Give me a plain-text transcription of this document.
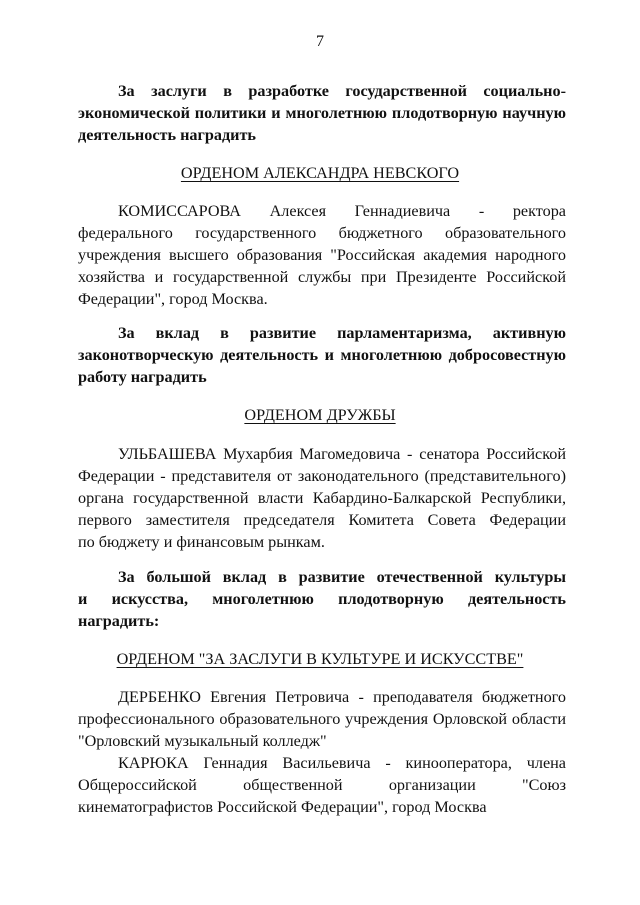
7
За заслуги в разработке государственной социально-
экономической политики и многолетнюю плодотворную научную
деятельность наградить
ОРДЕНОМ АЛЕКСАНДРА НЕВСКОГО
КОМИССАРОВА Алексея Геннадиевича - ректора
федерального государственного бюджетного образовательного
учреждения высшего образования "Российская академия народного
хозяйства и государственной службы при Президенте Российской
Федерации", город Москва.
За вклад в развитие парламентаризма, активную
законотворческую деятельность и многолетнюю добросовестную
работу наградить
ОРДЕНОМ ДРУЖБЫ
УЛЬБАШЕВА Мухарбия Магомедовича - сенатора Российской
Федерации - представителя от законодательного (представительного)
органа государственной власти Кабардино-Балкарской Республики,
первого заместителя председателя Комитета Совета Федерации
по бюджету и финансовым рынкам.
За большой вклад в развитие отечественной культуры
и искусства, многолетнюю плодотворную деятельность
наградить:
ОРДЕНОМ "ЗА ЗАСЛУГИ В КУЛЬТУРЕ И ИСКУССТВЕ"
ДЕРБЕНКО Евгения Петровича - преподавателя бюджетного
профессионального образовательного учреждения Орловской области
"Орловский музыкальный колледж"
КАРЮКА Геннадия Васильевича - кинооператора, члена
Общероссийской общественной организации "Союз
кинематографистов Российской Федерации", город Москва
